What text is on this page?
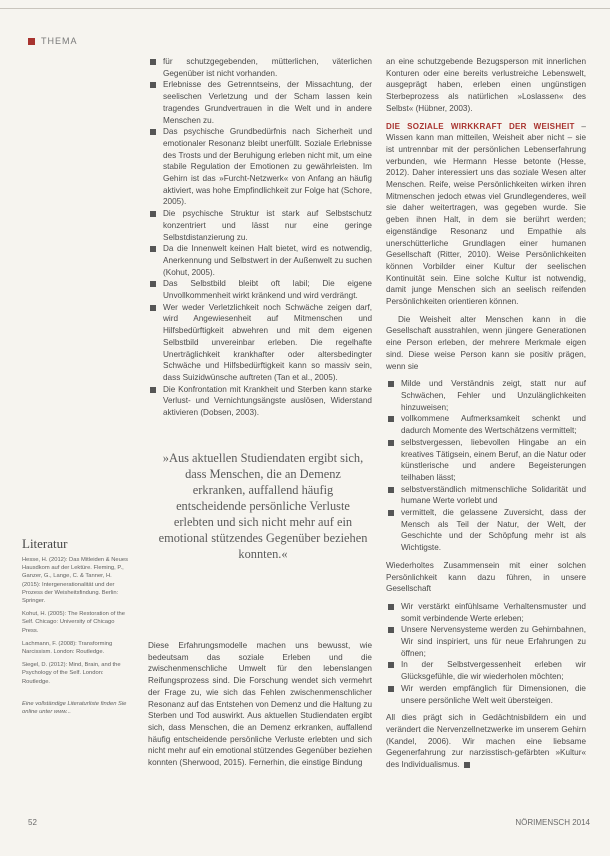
THEMA
für schutzgegebenden, mütterlichen, väterlichen Gegenüber ist nicht vorhanden.
Erlebnisse des Getrenntseins, der Missachtung, der seelischen Verletzung und der Scham lassen kein tragendes Grundvertrauen in die Welt und in andere Menschen zu.
Das psychische Grundbedürfnis nach Sicherheit und emotionaler Resonanz bleibt unerfüllt. Soziale Erlebnisse des Trosts und der Beruhigung erleben nicht mit, um eine stabile Regulation der Emotionen zu gewährleisten. Im Gehirn ist das »Furcht-Netzwerk« von Anfang an häufig aktiviert, was hohe Empfindlichkeit zur Folge hat (Schore, 2005).
Die psychische Struktur ist stark auf Selbstschutz konzentriert und lässt nur eine geringe Selbstdistanzierung zu.
Da die Innenwelt keinen Halt bietet, wird es notwendig, Anerkennung und Selbstwert in der Außenwelt zu suchen (Kohut, 2005).
Das Selbstbild bleibt oft labil; Die eigene Unvollkommenheit wirkt kränkend und wird verdrängt.
Wer weder Verletzlichkeit noch Schwäche zeigen darf, wird Angewiesenheit auf Mitmenschen und Hilfsbedürftigkeit abwehren und mit dem eigenen Selbstbild unvereinbar erleben. Die regelhafte Unerträglichkeit krankhafter oder altersbedingter Schwäche und Hilfsbedürftigkeit kann so massiv sein, dass Suizidwünsche auftreten (Tan et al., 2005).
Die Konfrontation mit Krankheit und Sterben kann starke Verlust- und Vernichtungsängste auslösen, Widerstand aktivieren (Dobsen, 2003).
»Aus aktuellen Studiendaten ergibt sich, dass Menschen, die an Demenz erkranken, auffallend häufig entscheidende persönliche Verluste erlebten und sich nicht mehr auf ein emotional stützendes Gegenüber beziehen konnten.«

Diese Erfahrungsmodelle machen uns bewusst, wie bedeutsam das soziale Erleben und die zwischenmenschliche Umwelt für den lebenslangen Reifungsprozess sind. Die Forschung wendet sich vermehrt der Frage zu, wie sich das Fehlen zwischenmenschlicher Resonanz auf das Entstehen von Demenz und die Haltung zu Sterben und Tod auswirkt. Aus aktuellen Studiendaten ergibt sich, dass Menschen, die an Demenz erkranken, auffallend häufig entscheidende persönliche Verluste erlebten und sich nicht mehr auf ein emotional stützendes Gegenüber beziehen konnten (Sherwood, 2015). Fernerhin, die einstige Bindung

an eine schutzgebende Bezugsperson mit innerlichen Konturen oder eine bereits verlustreiche Lebenswelt, ausgeprägt haben, erleben einen ungünstigen Sterbeprozess als natürlichen »Loslassen« des Selbst« (Hübner, 2003).

DIE SOZIALE WIRKKRAFT DER WEISHEIT – Wissen kann man mitteilen, Weisheit aber nicht – sie ist untrennbar mit der persönlichen Lebenserfahrung verbunden, wie Hermann Hesse betonte (Hesse, 2012). Daher interessiert uns das soziale Wesen alter Menschen. Reife, weise Persönlichkeiten wirken ihren Mitmenschen jedoch etwas viel Grundlegenderes, weil sie daher weitertragen, was gegeben wurde. Sie geben ihnen Halt, in dem sie berührt werden; eigenständige Resonanz und Empathie als unerschütterliche Grundlagen einer humanen Gesellschaft (Ritter, 2010). Weise Persönlichkeiten können Vorbilder einer Kultur der seelischen Kontinuität sein. Eine solche Kultur ist notwendig, damit junge Menschen sich an seelisch reifenden Persönlichkeiten orientieren können.

Die Weisheit alter Menschen kann in die Gesellschaft ausstrahlen, wenn jüngere Generationen eine Person erleben, der mehrere Merkmale eigen sind. Diese weise Person kann sie positiv prägen, wenn sie

Milde und Verständnis zeigt, statt nur auf Schwächen, Fehler und Unzulänglichkeiten hinzuweisen;
vollkommene Aufmerksamkeit schenkt und dadurch Momente des Wertschätzens vermittelt;
selbstvergessen, liebevollen Hingabe an ein kreatives Tätigsein, einem Beruf, an die Natur oder künstlerische und andere Begeisterungen teilhaben lässt;
selbstverständlich mitmenschliche Solidarität und humane Werte vorlebt und
vermittelt, die gelassene Zuversicht, dass der Mensch als Teil der Natur, der Welt, der Geschichte und der Schöpfung mehr ist als Wichtigste.

Wiederholtes Zusammensein mit einer solchen Persönlichkeit kann dazu führen, in unsere Gesellschaft

Wir verstärkt einfühlsame Verhaltensmuster und somit verbindende Werte erleben;
Unsere Nervensysteme werden zu Gehirnbahnen, Wir sind inspiriert, uns für neue Erfahrungen zu öffnen;
In der Selbstvergessenheit erleben wir Glücksgefühle, die wir wiederholen möchten;
Wir werden empfänglich für Dimensionen, die unsere persönliche Welt weit übersteigen.

All dies prägt sich in Gedächtnisbildern ein und verändert die Nervenzellnetzwerke im unserem Gehirn (Kandel, 2006). Wir machen eine liebsame Gegenerfahrung zur narzisstisch-gefärbten »Kultur« des Individualismus.

Literatur
Hesse, H. (2012): Das Mitleiden & Neues Hausdkom auf der Lektüre. Fleming, P., Ganzer, G., Lange, C. & Tanner, H. (2015): Intergenerationalität und der Prozess der Weisheitsfindung. Berlin: Springer.
Kohut, H. (2005): The Restoration of the Self. Chicago: University of Chicago Press.
Lachmann, F. (2008): Transforming Narcissism. London: Routledge.
Siegel, D. (2012): Mind, Brain, and the Psychology of the Self. London: Routledge.
Eine vollständige Literaturliste finden Sie online unter www...
52	NÖRIMENSCH 2014
